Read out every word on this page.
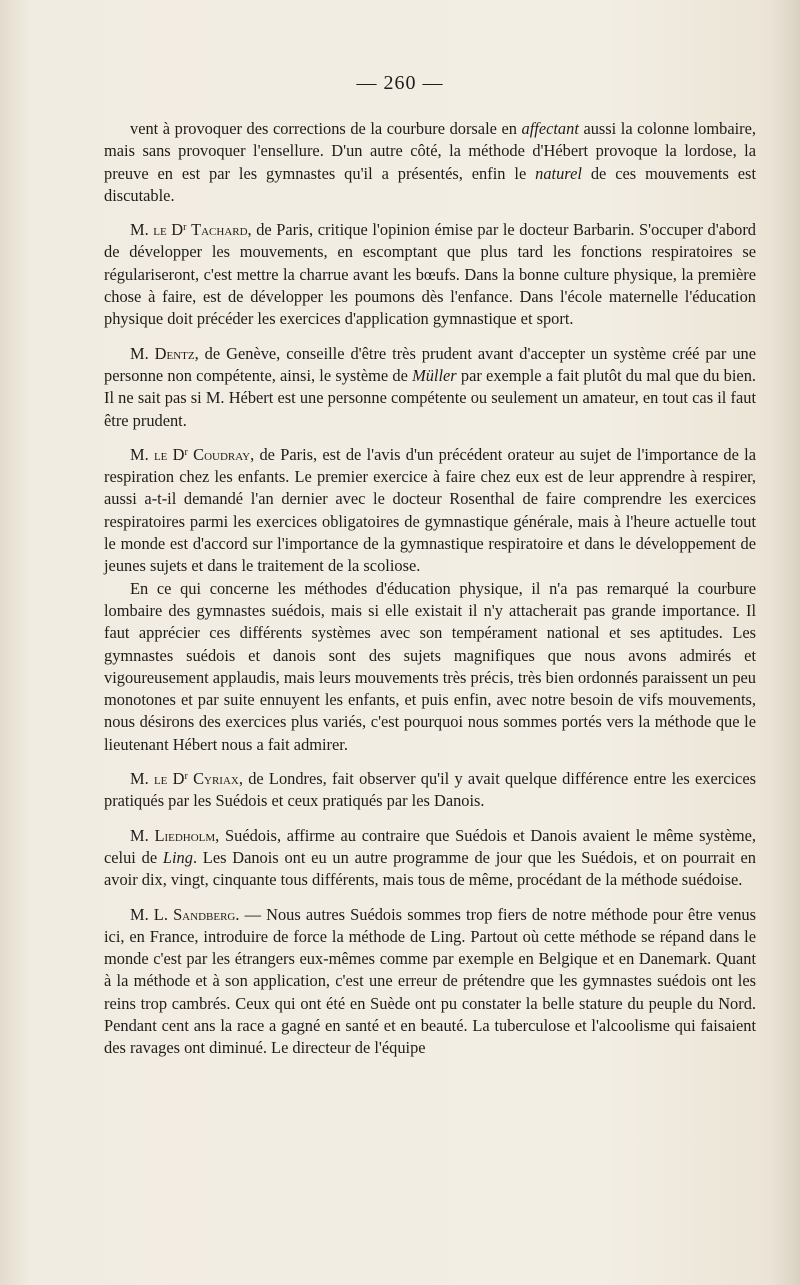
— 260 —

vent à provoquer des corrections de la courbure dorsale en affectant aussi la colonne lombaire, mais sans provoquer l'ensellure. D'un autre côté, la méthode d'Hébert provoque la lordose, la preuve en est par les gymnastes qu'il a présentés, enfin le naturel de ces mouvements est discutable.

M. le $D^r$ Tachard, de Paris, critique l'opinion émise par le docteur Barbarin. S'occuper d'abord de développer les mouvements, en escomptant que plus tard les fonctions respiratoires se régulariseront, c'est mettre la charrue avant les bœufs. Dans la bonne culture physique, la première chose à faire, est de développer les poumons dès l'enfance. Dans l'école maternelle l'éducation physique doit précéder les exercices d'application gymnastique et sport.

M. Dentz, de Genève, conseille d'être très prudent avant d'accepter un système créé par une personne non compétente, ainsi, le système de Müller par exemple a fait plutôt du mal que du bien. Il ne sait pas si M. Hébert est une personne compétente ou seulement un amateur, en tout cas il faut être prudent.

M. le $D^r$ Coudray, de Paris, est de l'avis d'un précédent orateur au sujet de l'importance de la respiration chez les enfants. Le premier exercice à faire chez eux est de leur apprendre à respirer, aussi a-t-il demandé l'an dernier avec le docteur Rosenthal de faire comprendre les exercices respiratoires parmi les exercices obligatoires de gymnastique générale, mais à l'heure actuelle tout le monde est d'accord sur l'importance de la gymnastique respiratoire et dans le développement de jeunes sujets et dans le traitement de la scoliose.

En ce qui concerne les méthodes d'éducation physique, il n'a pas remarqué la courbure lombaire des gymnastes suédois, mais si elle existait il n'y attacherait pas grande importance. Il faut apprécier ces différents systèmes avec son tempérament national et ses aptitudes. Les gymnastes suédois et danois sont des sujets magnifiques que nous avons admirés et vigoureusement applaudis, mais leurs mouvements très précis, très bien ordonnés paraissent un peu monotones et par suite ennuyent les enfants, et puis enfin, avec notre besoin de vifs mouvements, nous désirons des exercices plus variés, c'est pourquoi nous sommes portés vers la méthode que le lieutenant Hébert nous a fait admirer.

M. le $D^r$ Cyriax, de Londres, fait observer qu'il y avait quelque différence entre les exercices pratiqués par les Suédois et ceux pratiqués par les Danois.

M. Liedholm, Suédois, affirme au contraire que Suédois et Danois avaient le même système, celui de Ling. Les Danois ont eu un autre programme de jour que les Suédois, et on pourrait en avoir dix, vingt, cinquante tous différents, mais tous de même, procédant de la méthode suédoise.

M. L. Sandberg. — Nous autres Suédois sommes trop fiers de notre méthode pour être venus ici, en France, introduire de force la méthode de Ling. Partout où cette méthode se répand dans le monde c'est par les étrangers eux-mêmes comme par exemple en Belgique et en Danemark. Quant à la méthode et à son application, c'est une erreur de prétendre que les gymnastes suédois ont les reins trop cambrés. Ceux qui ont été en Suède ont pu constater la belle stature du peuple du Nord. Pendant cent ans la race a gagné en santé et en beauté. La tuberculose et l'alcoolisme qui faisaient des ravages ont diminué. Le directeur de l'équipe
